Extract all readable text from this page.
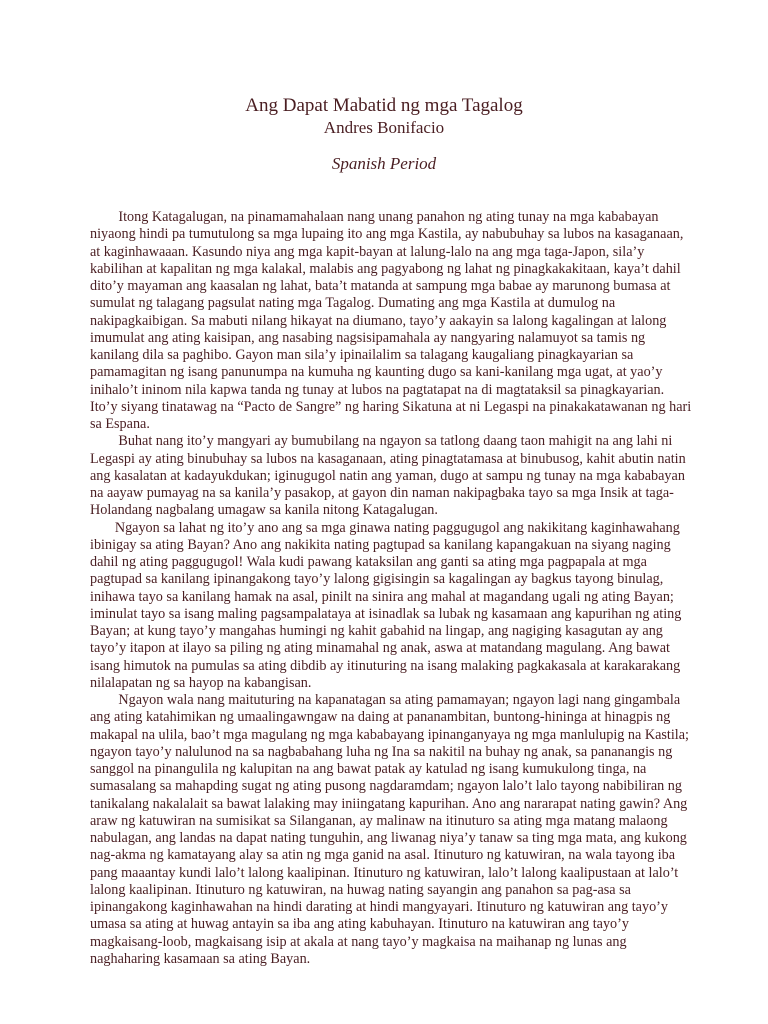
Ang Dapat Mabatid ng mga Tagalog
Andres Bonifacio
Spanish Period
Itong Katagalugan, na pinamamahalaan nang unang panahon ng ating tunay na mga kababayan
niyaong hindi pa tumutulong sa mga lupaing ito ang mga Kastila, ay nabubuhay sa lubos na kasaganaan,
at kaginhawaaan. Kasundo niya ang mga kapit-bayan at lalung-lalo na ang mga taga-Japon, sila’y
kabilihan at kapalitan ng mga kalakal, malabis ang pagyabong ng lahat ng pinagkakakitaan, kaya’t dahil
dito’y mayaman ang kaasalan ng lahat, bata’t matanda at sampung mga babae ay marunong bumasa at
sumulat ng talagang pagsulat nating mga Tagalog. Dumating ang mga Kastila at dumulog na
nakipagkaibigan. Sa mabuti nilang hikayat na diumano, tayo’y aakayin sa lalong kagalingan at lalong
imumulat ang ating kaisipan, ang nasabing nagsisipamahala ay nangyaring nalamuyot sa tamis ng
kanilang dila sa paghibo. Gayon man sila’y ipinailalim sa talagang kaugaliang pinagkayarian sa
pamamagitan ng isang panunumpa na kumuha ng kaunting dugo sa kani-kanilang mga ugat, at yao’y
inihalo’t ininom nila kapwa tanda ng tunay at lubos na pagtatapat na di magtataksil sa pinagkayarian.
Ito’y siyang tinatawag na “Pacto de Sangre” ng haring Sikatuna at ni Legaspi na pinakakatawanan ng hari
sa Espana.
Buhat nang ito’y mangyari ay bumubilang na ngayon sa tatlong daang taon mahigit na ang lahi ni
Legaspi ay ating binubuhay sa lubos na kasaganaan, ating pinagtatamasa at binubusog, kahit abutin natin
ang kasalatan at kadayukdukan; iginugugol natin ang yaman, dugo at sampu ng tunay na mga kababayan
na aayaw pumayag na sa kanila’y pasakop, at gayon din naman nakipagbaka tayo sa mga Insik at taga-
Holandang nagbalang umagaw sa kanila nitong Katagalugan.
Ngayon sa lahat ng ito’y ano ang sa mga ginawa nating paggugugol ang nakikitang kaginhawahang
ibinigay sa ating Bayan? Ano ang nakikita nating pagtupad sa kanilang kapangakuan na siyang naging
dahil ng ating paggugugol! Wala kudi pawang kataksilan ang ganti sa ating mga pagpapala at mga
pagtupad sa kanilang ipinangakong tayo’y lalong gigisingin sa kagalingan ay bagkus tayong binulag,
inihawa tayo sa kanilang hamak na asal, pinilt na sinira ang mahal at magandang ugali ng ating Bayan;
iminulat tayo sa isang maling pagsampalataya at isinadlak sa lubak ng kasamaan ang kapurihan ng ating
Bayan; at kung tayo’y mangahas humingi ng kahit gabahid na lingap, ang nagiging kasagutan ay ang
tayo’y itapon at ilayo sa piling ng ating minamahal ng anak, aswa at matandang magulang. Ang bawat
isang himutok na pumulas sa ating dibdib ay itinuturing na isang malaking pagkakasala at karakarakang
nilalapatan ng sa hayop na kabangisan.
Ngayon wala nang maituturing na kapanatagan sa ating pamamayan; ngayon lagi nang gingambala
ang ating katahimikan ng umaalingawngaw na daing at pananambitan, buntong-hininga at hinagpis ng
makapal na ulila, bao’t mga magulang ng mga kababayang ipinanganyaya ng mga manlulupig na Kastila;
ngayon tayo’y nalulunod na sa nagbabahang luha ng Ina sa nakitil na buhay ng anak, sa pananangis ng
sanggol na pinangulila ng kalupitan na ang bawat patak ay katulad ng isang kumukulong tinga, na
sumasalang sa mahapding sugat ng ating pusong nagdaramdam; ngayon lalo’t lalo tayong nabibiliran ng
tanikalang nakalalait sa bawat lalaking may iniingatang kapurihan. Ano ang nararapat nating gawin? Ang
araw ng katuwiran na sumisikat sa Silanganan, ay malinaw na itinuturo sa ating mga matang malaong
nabulagan, ang landas na dapat nating tunguhin, ang liwanag niya’y tanaw sa ting mga mata, ang kukong
nag-akma ng kamatayang alay sa atin ng mga ganid na asal. Itinuturo ng katuwiran, na wala tayong iba
pang maaantay kundi lalo’t lalong kaalipinan. Itinuturo ng katuwiran, lalo’t lalong kaalipustaan at lalo’t
lalong kaalipinan. Itinuturo ng katuwiran, na huwag nating sayangin ang panahon sa pag-asa sa
ipinangakong kaginhawahan na hindi darating at hindi mangyayari. Itinuturo ng katuwiran ang tayo’y
umasa sa ating at huwag antayin sa iba ang ating kabuhayan. Itinuturo na katuwiran ang tayo’y
magkaisang-loob, magkaisang isip at akala at nang tayo’y magkaisa na maihanap ng lunas ang
naghaharing kasamaan sa ating Bayan.
